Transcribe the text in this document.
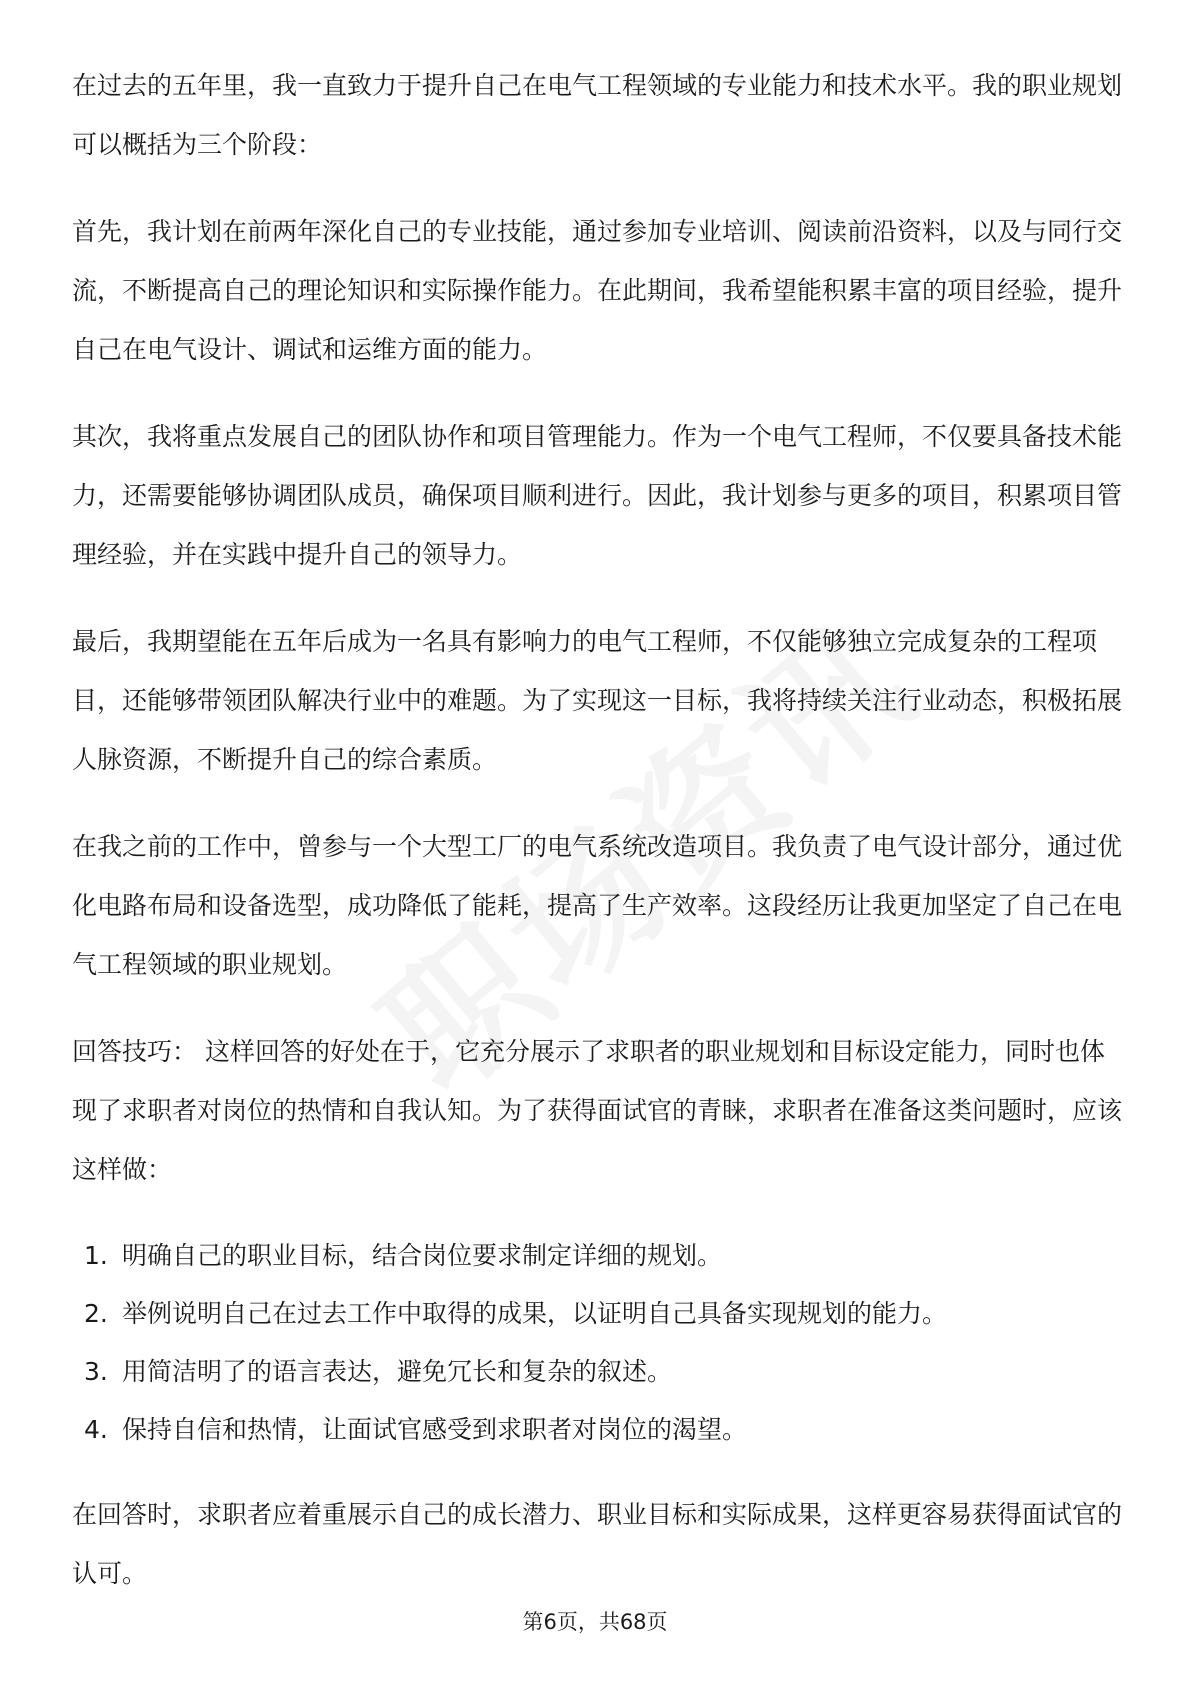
在过去的五年里，我一直致力于提升自己在电气工程领域的专业能力和技术水平。我的职业规划可以概括为三个阶段：

首先，我计划在前两年深化自己的专业技能，通过参加专业培训、阅读前沿资料，以及与同行交流，不断提高自己的理论知识和实际操作能力。在此期间，我希望能积累丰富的项目经验，提升自己在电气设计、调试和运维方面的能力。

其次，我将重点发展自己的团队协作和项目管理能力。作为一个电气工程师，不仅要具备技术能力，还需要能够协调团队成员，确保项目顺利进行。因此，我计划参与更多的项目，积累项目管理经验，并在实践中提升自己的领导力。

最后，我期望能在五年后成为一名具有影响力的电气工程师，不仅能够独立完成复杂的工程项目，还能够带领团队解决行业中的难题。为了实现这一目标，我将持续关注行业动态，积极拓展人脉资源，不断提升自己的综合素质。

在我之前的工作中，曾参与一个大型工厂的电气系统改造项目。我负责了电气设计部分，通过优化电路布局和设备选型，成功降低了能耗，提高了生产效率。这段经历让我更加坚定了自己在电气工程领域的职业规划。

回答技巧： 这样回答的好处在于，它充分展示了求职者的职业规划和目标设定能力，同时也体现了求职者对岗位的热情和自我认知。为了获得面试官的青睐，求职者在准备这类问题时，应该这样做：

1. 明确自己的职业目标，结合岗位要求制定详细的规划。
2. 举例说明自己在过去工作中取得的成果，以证明自己具备实现规划的能力。
3. 用简洁明了的语言表达，避免冗长和复杂的叙述。
4. 保持自信和热情，让面试官感受到求职者对岗位的渴望。

在回答时，求职者应着重展示自己的成长潜力、职业目标和实际成果，这样更容易获得面试官的认可。

第6页，共68页
